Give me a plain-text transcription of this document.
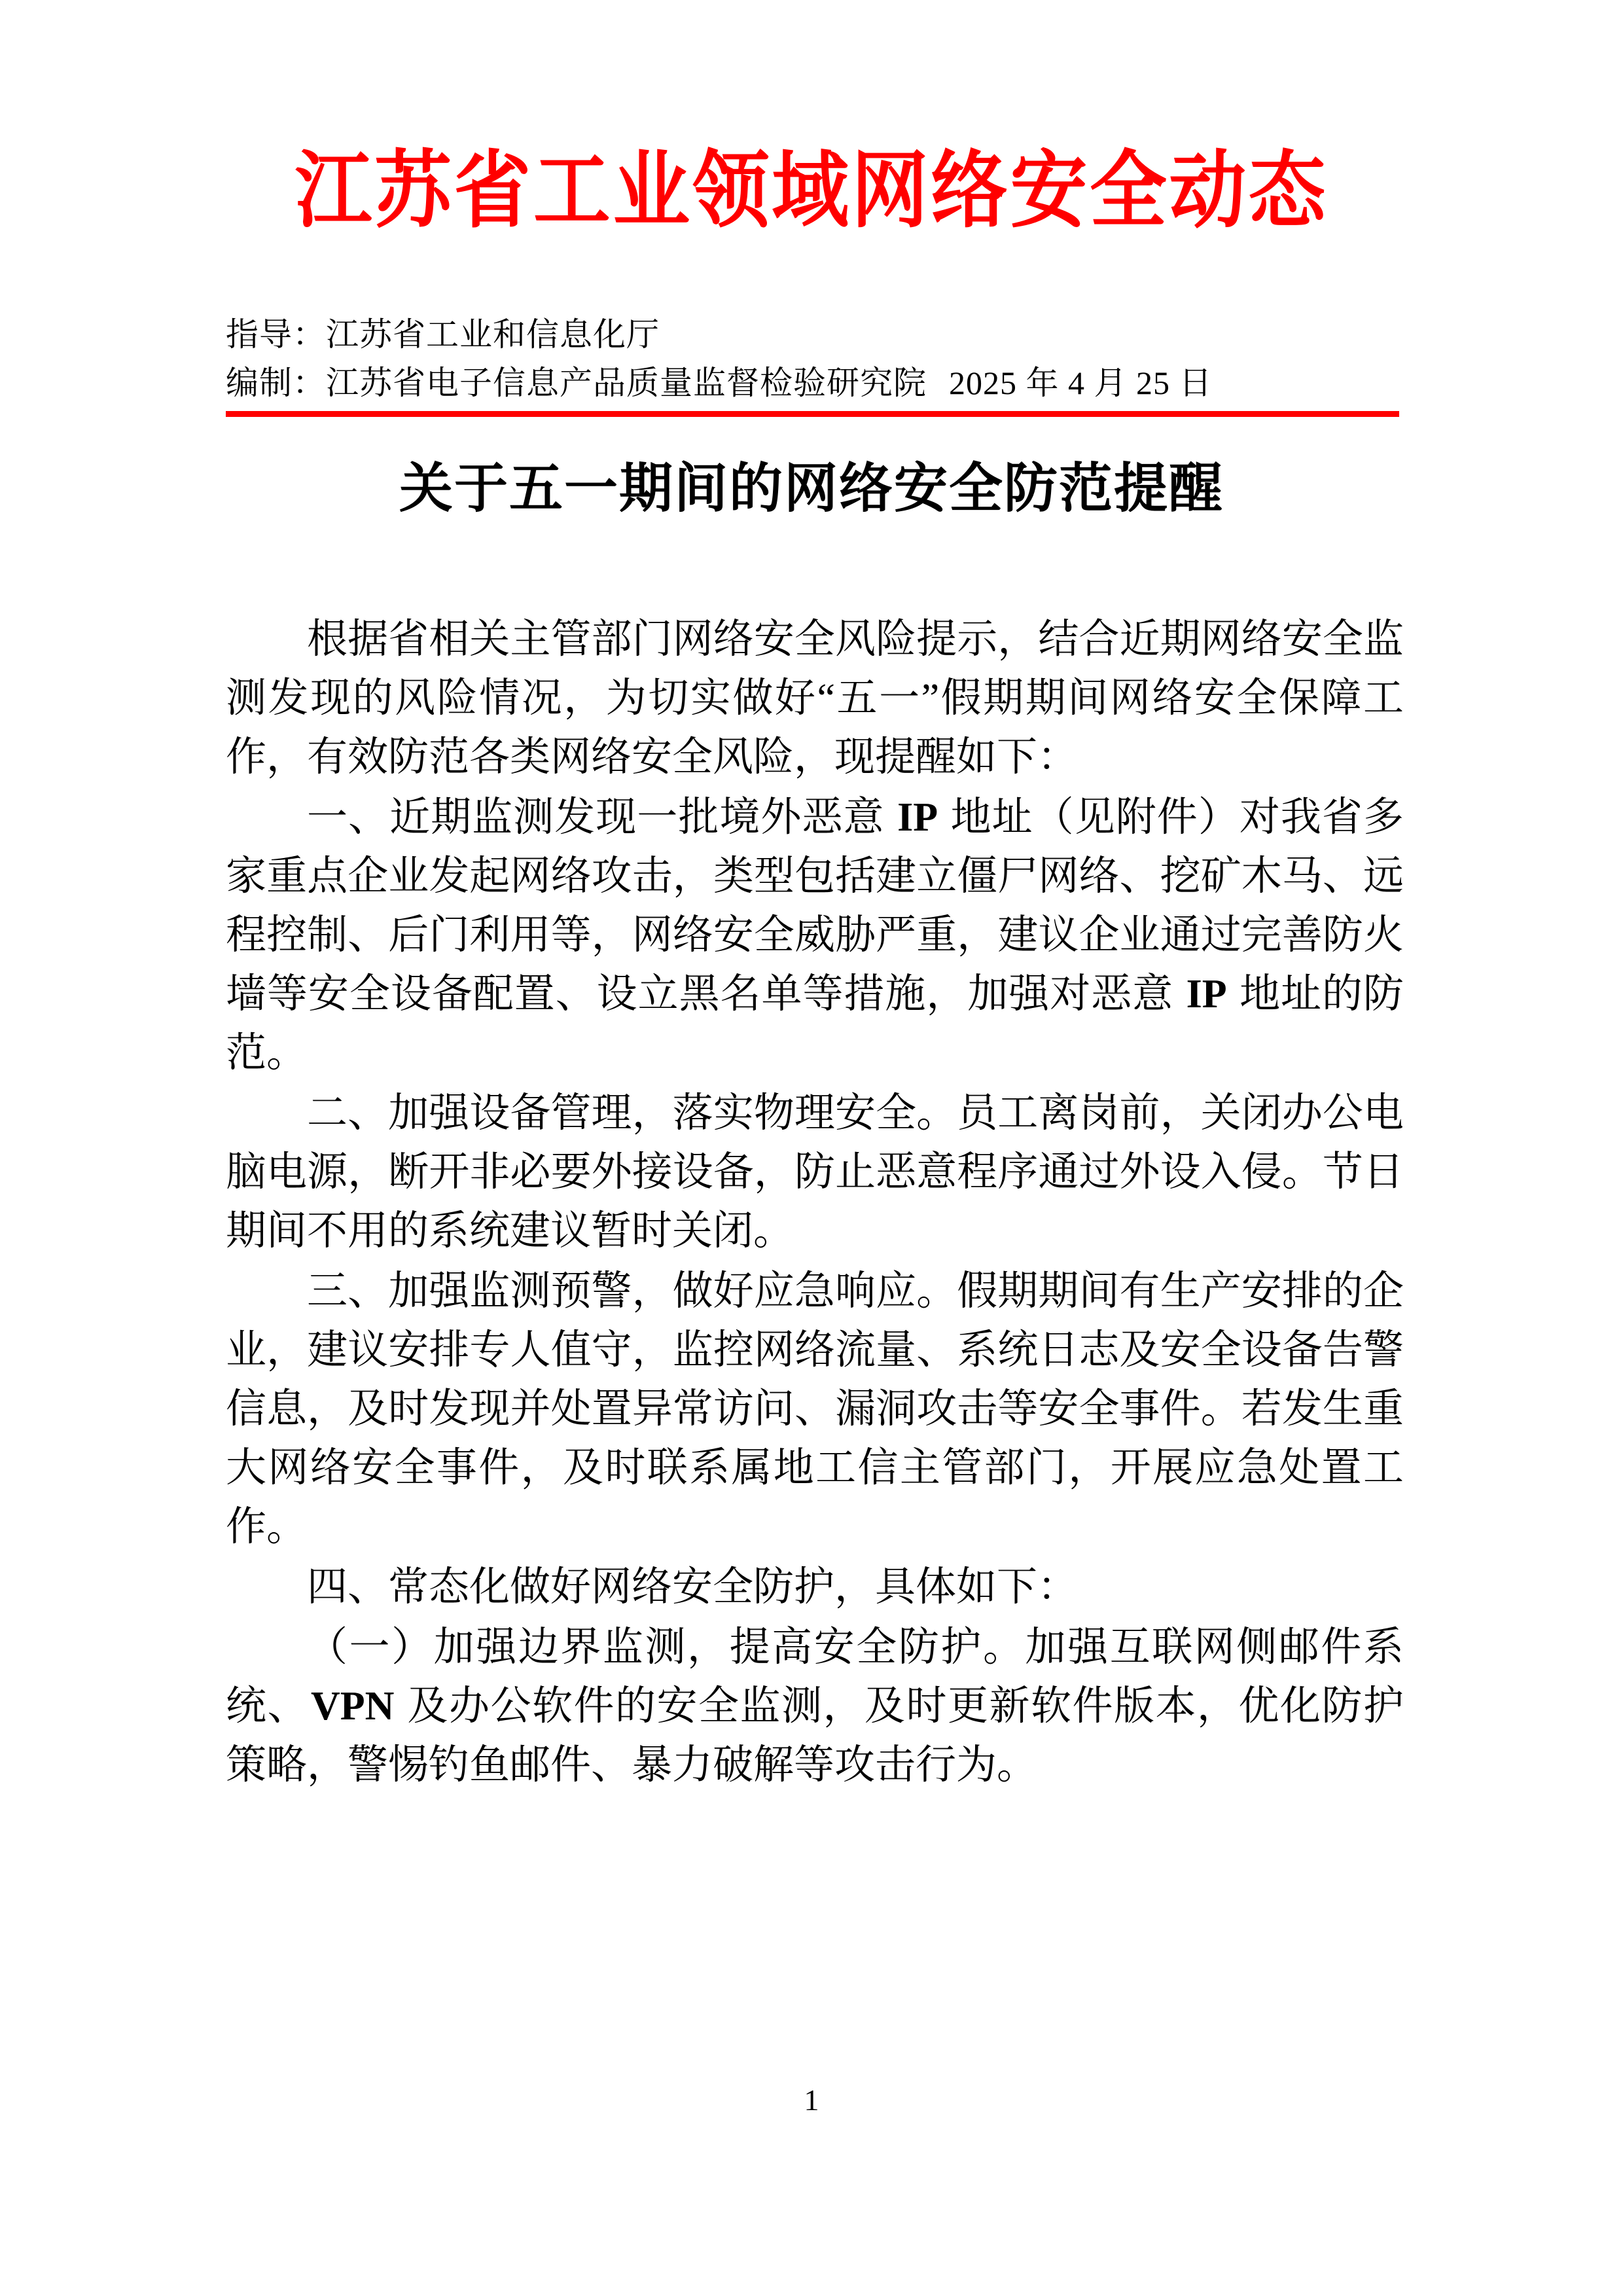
江苏省工业领域网络安全动态
指导：江苏省工业和信息化厅
编制：江苏省电子信息产品质量监督检验研究院 2025 年 4 月 25 日
关于五一期间的网络安全防范提醒

根据省相关主管部门网络安全风险提示，结合近期网络安全监测发现的风险情况，为切实做好“五一”假期期间网络安全保障工作，有效防范各类网络安全风险，现提醒如下：

一、近期监测发现一批境外恶意 IP 地址（见附件）对我省多家重点企业发起网络攻击，类型包括建立僵尸网络、挖矿木马、远程控制、后门利用等，网络安全威胁严重，建议企业通过完善防火墙等安全设备配置、设立黑名单等措施，加强对恶意 IP 地址的防范。

二、加强设备管理，落实物理安全。员工离岗前，关闭办公电脑电源，断开非必要外接设备，防止恶意程序通过外设入侵。节日期间不用的系统建议暂时关闭。

三、加强监测预警，做好应急响应。假期期间有生产安排的企业，建议安排专人值守，监控网络流量、系统日志及安全设备告警信息，及时发现并处置异常访问、漏洞攻击等安全事件。若发生重大网络安全事件，及时联系属地工信主管部门，开展应急处置工作。

四、常态化做好网络安全防护，具体如下：

（一）加强边界监测，提高安全防护。加强互联网侧邮件系统、VPN 及办公软件的安全监测，及时更新软件版本，优化防护策略，警惕钓鱼邮件、暴力破解等攻击行为。

1
